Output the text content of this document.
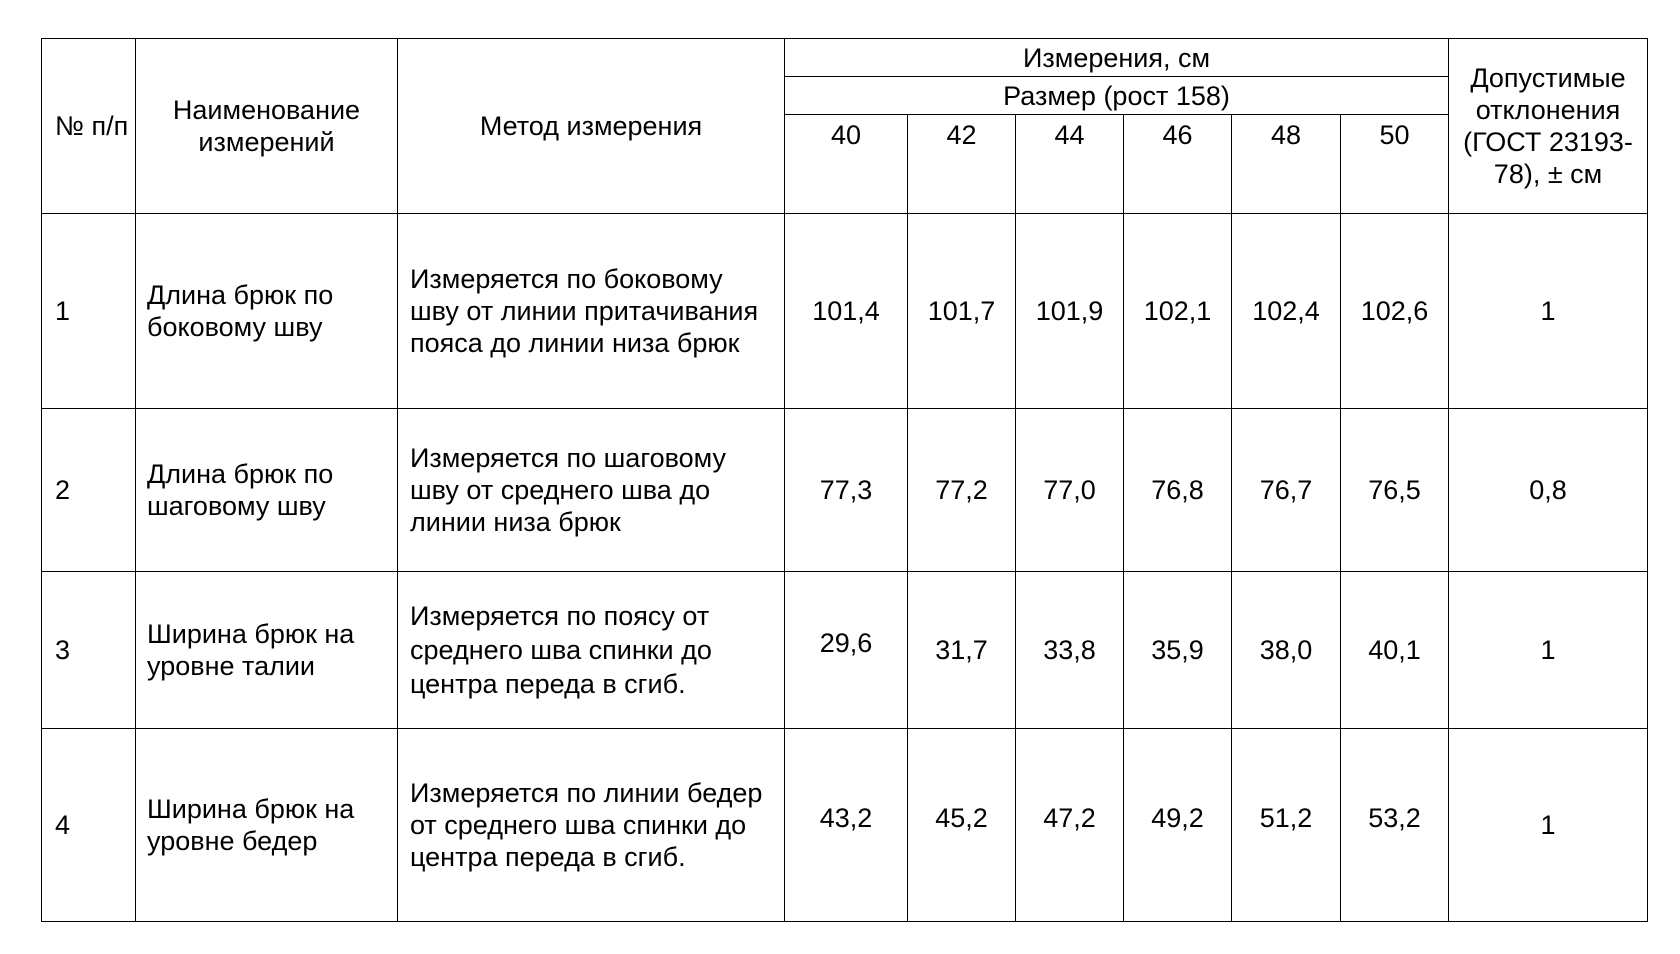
№ п/п	Наименование измерений	Метод измерения	Измерения, см						Допустимые отклонения (ГОСТ 23193-78), ± см
			Размер (рост 158)						
			40	42	44	46	48	50	
1	Длина брюк по боковому шву	Измеряется по боковому шву от линии притачивания пояса до линии низа брюк	101,4	101,7	101,9	102,1	102,4	102,6	1
2	Длина брюк по шаговому шву	Измеряется по шаговому шву от среднего шва до линии низа брюк	77,3	77,2	77,0	76,8	76,7	76,5	0,8
3	Ширина брюк на уровне талии	Измеряется по поясу от среднего шва спинки до центра переда в сгиб.	29,6	31,7	33,8	35,9	38,0	40,1	1
4	Ширина брюк на уровне бедер	Измеряется по линии бедер от среднего шва спинки до центра переда в сгиб.	43,2	45,2	47,2	49,2	51,2	53,2	1
